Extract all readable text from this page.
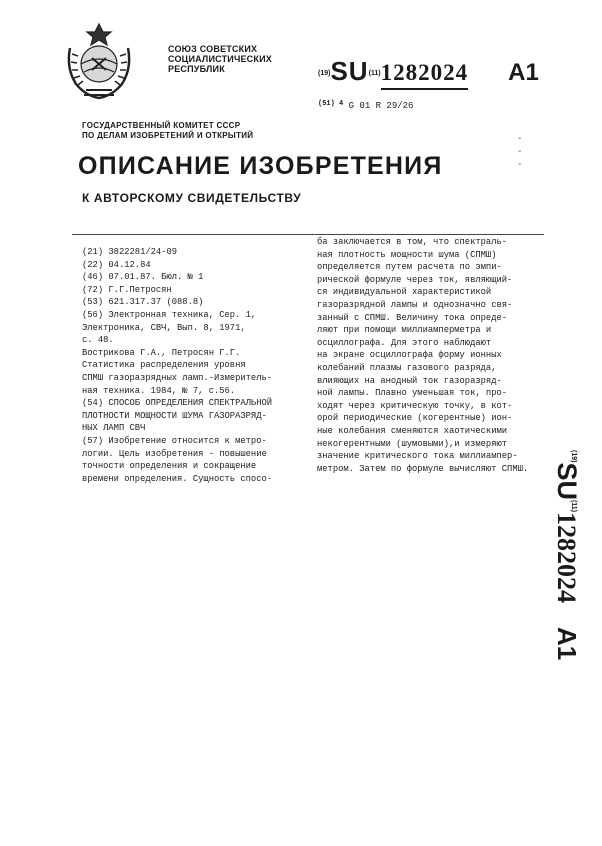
СОЮЗ СОВЕТСКИХ
СОЦИАЛИСТИЧЕСКИХ
РЕСПУБЛИК	$^{(19)}$SU$^{(11)}$1282024 A1
$^{(51) 4}$ G 01 R 29/26
-
-
-
ГОСУДАРСТВЕННЫЙ КОМИТЕТ СССР
ПО ДЕЛАМ ИЗОБРЕТЕНИЙ И ОТКРЫТИЙ
ОПИСАНИЕ ИЗОБРЕТЕНИЯ
К АВТОРСКОМУ СВИДЕТЕЛЬСТВУ
(21) 3822281/24-09
(22) 04.12.84
(46) 07.01.87. Бюл. № 1
(72) Г.Г.Петросян
(53) 621.317.37 (088.8)
(56) Электронная техника, Сер. 1,
Электроника, СВЧ, Вып. 8, 1971,
с. 48.
Вострикова Г.А., Петросян Г.Г.
Статистика распределения уровня
СПМШ газоразрядных ламп.-Измеритель-
ная техника. 1984, № 7, с.56.
(54) СПОСОБ ОПРЕДЕЛЕНИЯ СПЕКТРАЛЬНОЙ
ПЛОТНОСТИ МОЩНОСТИ ШУМА ГАЗОРАЗРЯД-
НЫХ ЛАМП СВЧ
(57) Изобретение относится к метро-
логии. Цель изобретения - повышение
точности определения и сокращение
времени определения. Сущность спосо-
ба заключается в том, что спектраль-
ная плотность мощности шума (СПМШ)
определяется путем расчета по эмпи-
рической формуле через ток, являющий-
ся индивидуальной характеристикой
газоразрядной лампы и однозначно свя-
занный с СПМШ. Величину тока опреде-
ляют при помощи миллиамперметра и
осциллографа. Для этого наблюдают
на экране осциллографа форму ионных
колебаний плазмы газового разряда,
влияющих на анодный ток газоразряд-
ной лампы. Плавно уменьшая ток, про-
ходят через критическую точку, в кот-
орой периодические (когерентные) ион-
ные колебания сменяются хаотическими
некогерентными (шумовыми),и измеряют
значение критического тока миллиампер-
метром. Затем по формуле вычисляют СПМШ.
$^{(19)}$SU$^{(11)}$1282024A1
